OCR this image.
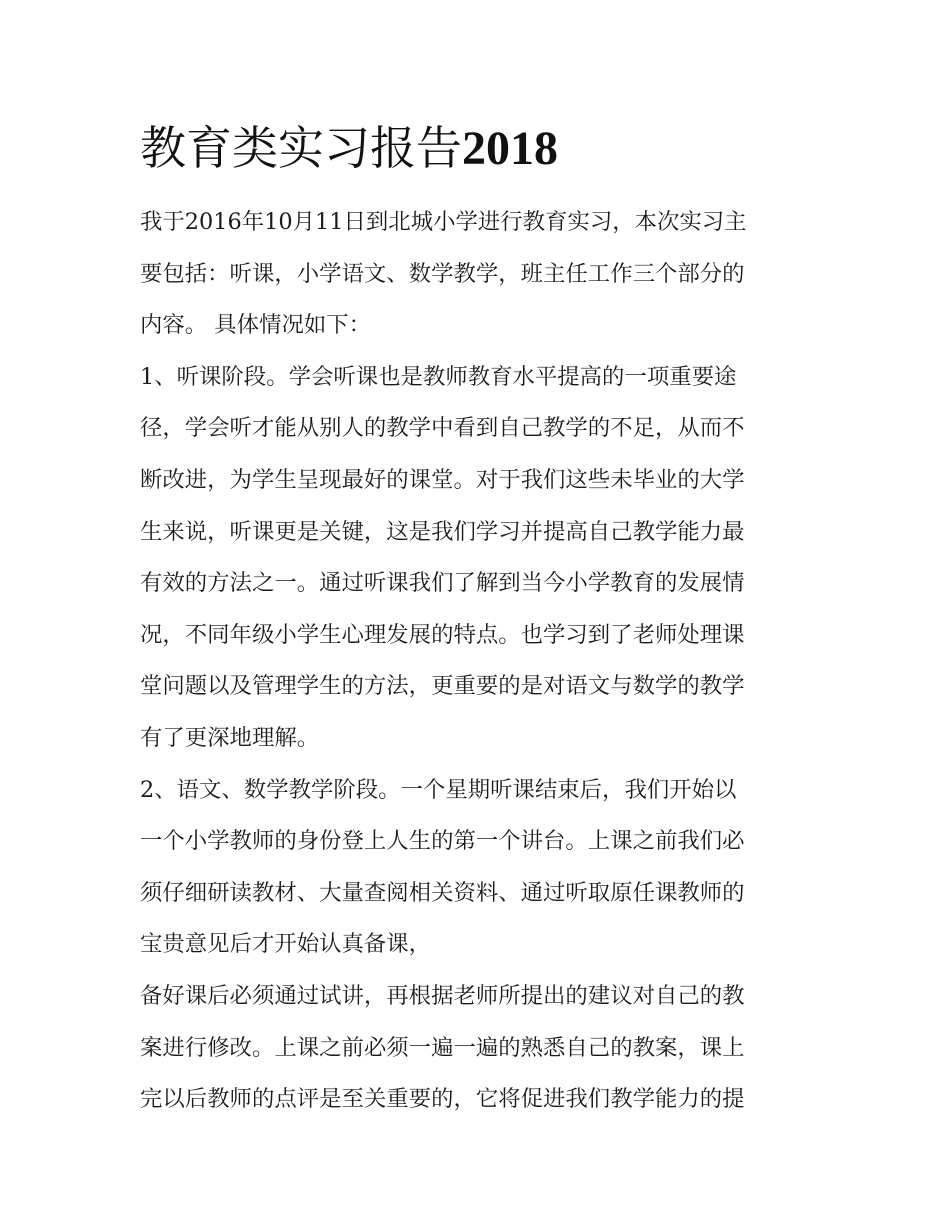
教育类实习报告2018
我于2016年10月11日到北城小学进行教育实习，本次实习主
要包括：听课，小学语文、数学教学，班主任工作三个部分的
内容。 具体情况如下：
1、听课阶段。学会听课也是教师教育水平提高的一项重要途
径，学会听才能从别人的教学中看到自己教学的不足，从而不
断改进，为学生呈现最好的课堂。对于我们这些未毕业的大学
生来说，听课更是关键，这是我们学习并提高自己教学能力最
有效的方法之一。通过听课我们了解到当今小学教育的发展情
况，不同年级小学生心理发展的特点。也学习到了老师处理课
堂问题以及管理学生的方法，更重要的是对语文与数学的教学
有了更深地理解。
2、语文、数学教学阶段。一个星期听课结束后，我们开始以
一个小学教师的身份登上人生的第一个讲台。上课之前我们必
须仔细研读教材、大量查阅相关资料、通过听取原任课教师的
宝贵意见后才开始认真备课，
备好课后必须通过试讲，再根据老师所提出的建议对自己的教
案进行修改。上课之前必须一遍一遍的熟悉自己的教案，课上
完以后教师的点评是至关重要的，它将促进我们教学能力的提
